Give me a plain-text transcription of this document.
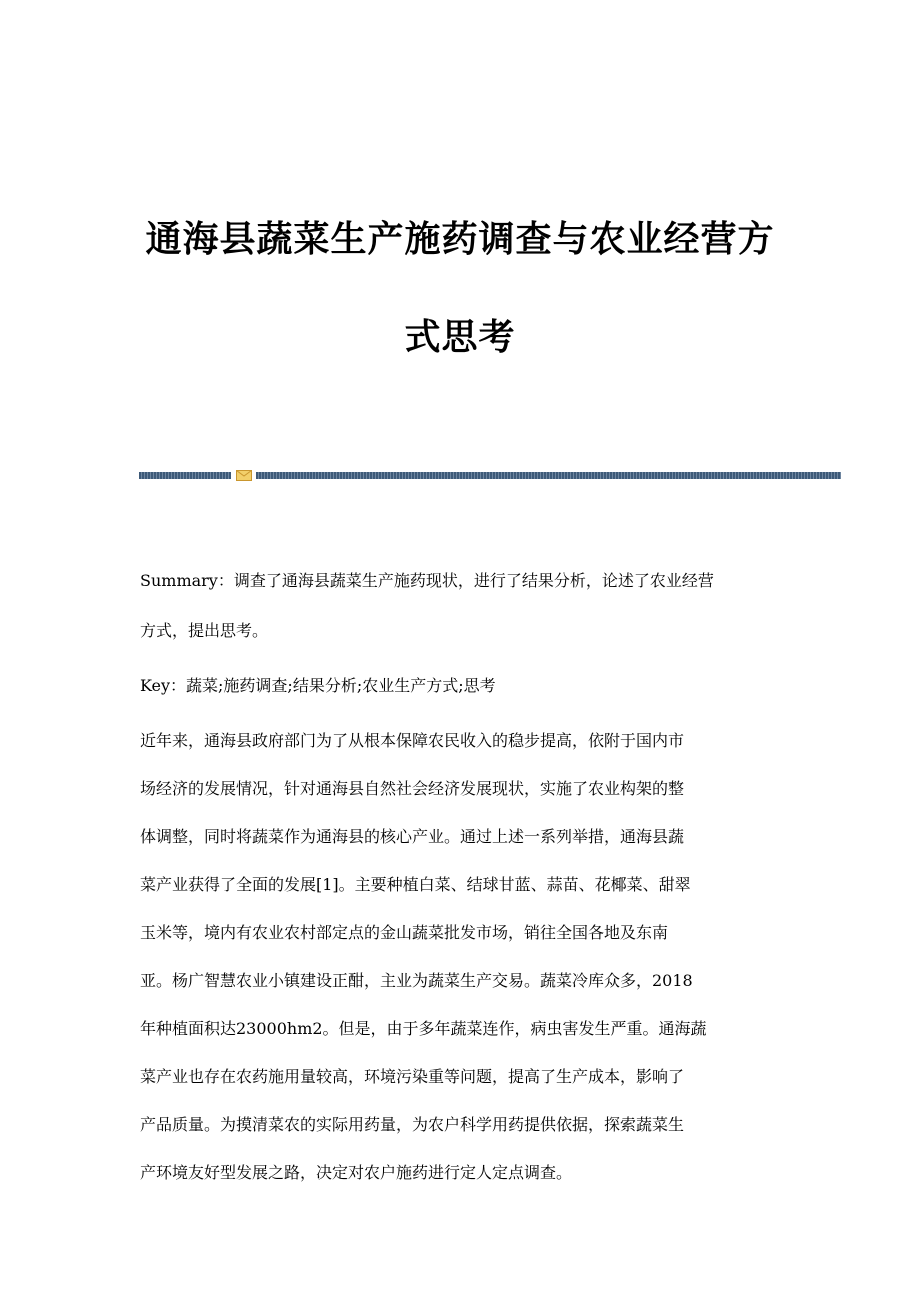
通海县蔬菜生产施药调查与农业经营方
式思考
Summary：调查了通海县蔬菜生产施药现状，进行了结果分析，论述了农业经营
方式，提出思考。
Key：蔬菜;施药调查;结果分析;农业生产方式;思考
近年来，通海县政府部门为了从根本保障农民收入的稳步提高，依附于国内市
场经济的发展情况，针对通海县自然社会经济发展现状，实施了农业构架的整
体调整，同时将蔬菜作为通海县的核心产业。通过上述一系列举措，通海县蔬
菜产业获得了全面的发展[1]。主要种植白菜、结球甘蓝、蒜苗、花椰菜、甜翠
玉米等，境内有农业农村部定点的金山蔬菜批发市场，销往全国各地及东南
亚。杨广智慧农业小镇建设正酣，主业为蔬菜生产交易。蔬菜冷库众多，2018
年种植面积达23000hm2。但是，由于多年蔬菜连作，病虫害发生严重。通海蔬
菜产业也存在农药施用量较高，环境污染重等问题，提高了生产成本，影响了
产品质量。为摸清菜农的实际用药量，为农户科学用药提供依据，探索蔬菜生
产环境友好型发展之路，决定对农户施药进行定人定点调查。
